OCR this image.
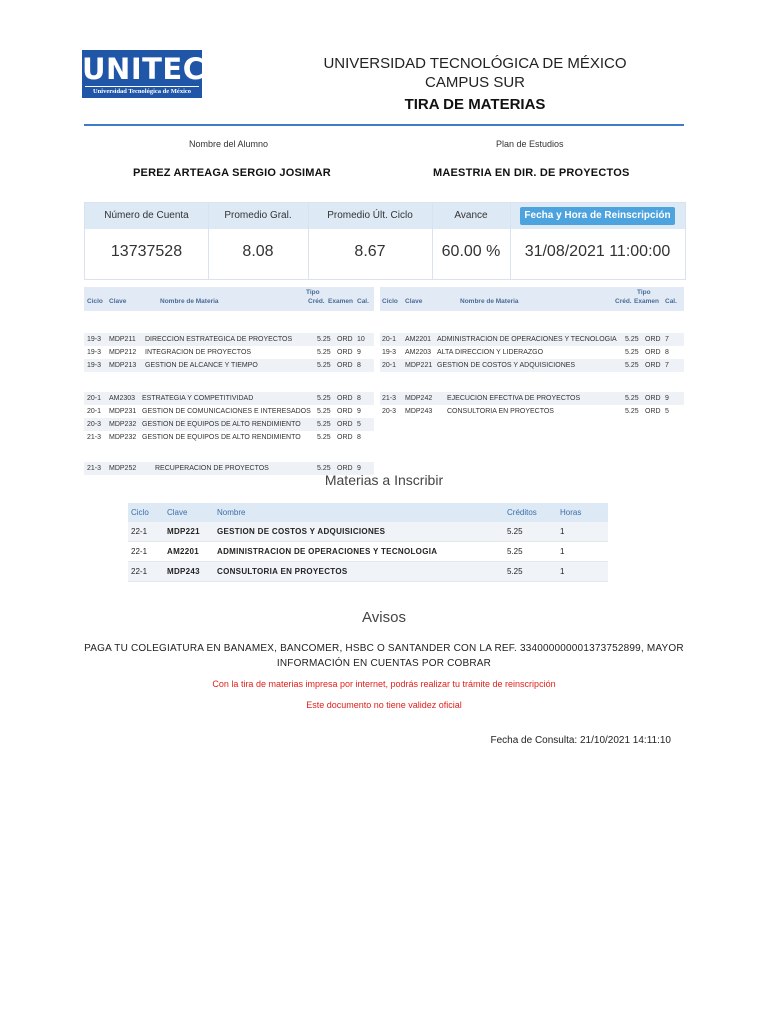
UNITEC
Universidad Tecnológica de México
UNIVERSIDAD TECNOLÓGICA DE MÉXICO
CAMPUS SUR
TIRA DE MATERIAS
Nombre del Alumno	Plan de Estudios
PEREZ ARTEAGA SERGIO JOSIMAR	MAESTRIA EN DIR. DE PROYECTOS
Número de Cuenta	Promedio Gral.	Promedio Últ. Ciclo	Avance	Fecha y Hora de Reinscripción
13737528	8.08	8.67	60.00 %	31/08/2021 11:00:00
Tipo
Ciclo Clave	Nombre de Materia	Créd. Examen Cal.
19-3 MDP211 DIRECCION ESTRATEGICA DE PROYECTOS	5.25 ORD 10
19-3 MDP212 INTEGRACION DE PROYECTOS	5.25 ORD 9
19-3 MDP213 GESTION DE ALCANCE Y TIEMPO	5.25 ORD 8
20-1 AM2303 ESTRATEGIA Y COMPETITIVIDAD	5.25 ORD 8
20-1 MDP231 GESTION DE COMUNICACIONES E INTERESADOS 5.25 ORD 9
20-3 MDP232 GESTION DE EQUIPOS DE ALTO RENDIMIENTO 5.25 ORD 5
21-3 MDP232 GESTION DE EQUIPOS DE ALTO RENDIMIENTO 5.25 ORD 8
21-3 MDP252	RECUPERACION DE PROYECTOS	5.25 ORD 9
Tipo
Ciclo Clave	Nombre de Materia	Créd. Examen Cal.
20-1 AM2201 ADMINISTRACION DE OPERACIONES Y TECNOLOGIA 5.25 ORD 7
19-3 AM2203 ALTA DIRECCION Y LIDERAZGO	5.25 ORD 8
20-1 MDP221 GESTION DE COSTOS Y ADQUISICIONES	5.25 ORD 7
21-3 MDP242 EJECUCION EFECTIVA DE PROYECTOS	5.25 ORD 9
20-3 MDP243 CONSULTORIA EN PROYECTOS	5.25 ORD 5
Materias a Inscribir
Ciclo Clave	Nombre	Créditos	Horas
22-1 MDP221 GESTION DE COSTOS Y ADQUISICIONES	5.25	1
22-1 AM2201 ADMINISTRACION DE OPERACIONES Y TECNOLOGIA	5.25	1
22-1 MDP243 CONSULTORIA EN PROYECTOS	5.25	1
Avisos
PAGA TU COLEGIATURA EN BANAMEX, BANCOMER, HSBC O SANTANDER CON LA REF. 334000000001373752899, MAYOR
INFORMACIÓN EN CUENTAS POR COBRAR
Con la tira de materias impresa por internet, podrás realizar tu trámite de reinscripción
Este documento no tiene validez oficial
Fecha de Consulta: 21/10/2021 14:11:10
